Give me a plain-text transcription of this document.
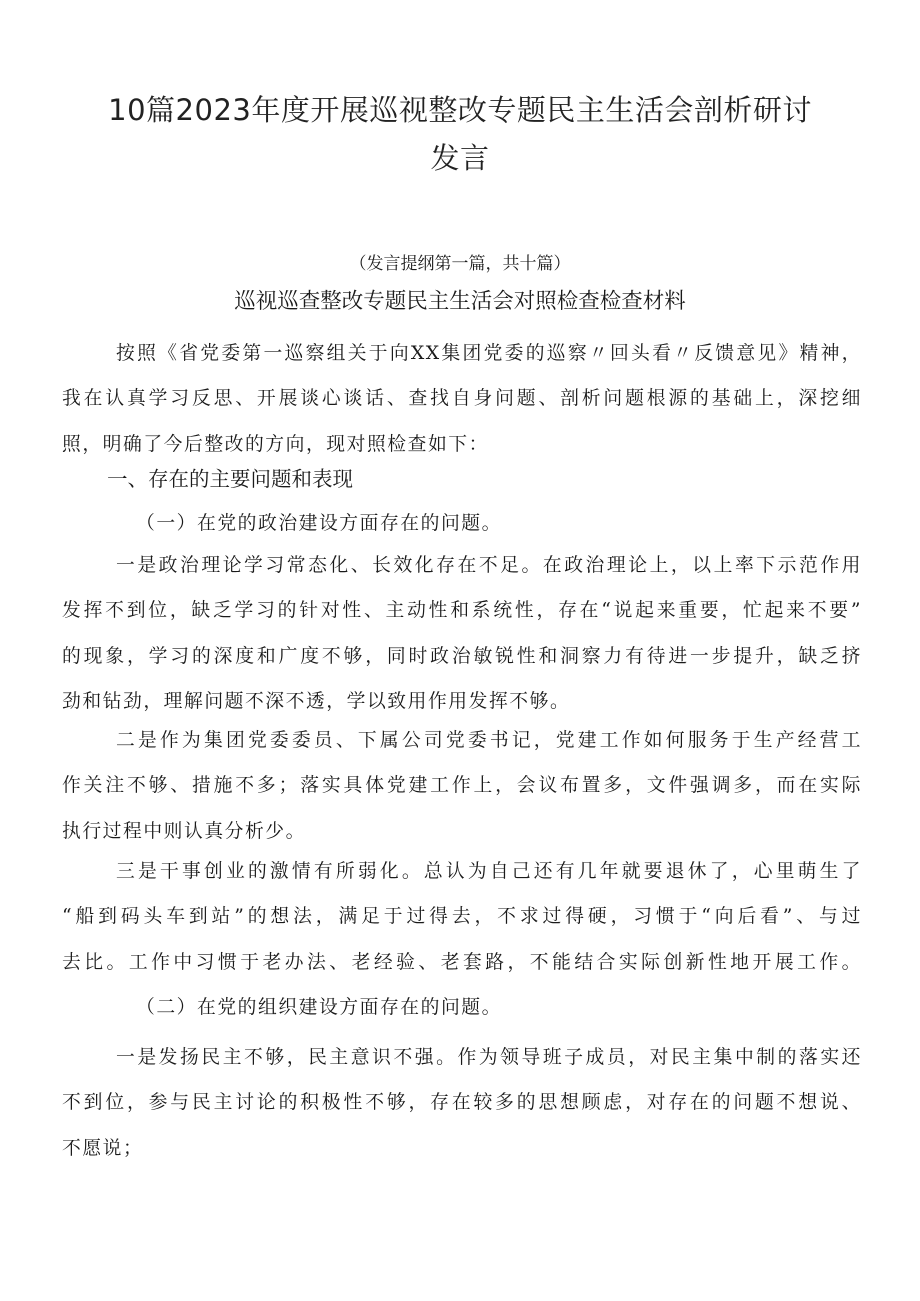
10篇2023年度开展巡视整改专题民主生活会剖析研讨
发言
（发言提纲第一篇，共十篇）
巡视巡查整改专题民主生活会对照检查检查材料
按照《省党委第一巡察组关于向XX集团党委的巡察〃回头看〃反馈意见》精神，
我在认真学习反思、开展谈心谈话、查找自身问题、剖析问题根源的基础上，深挖细
照，明确了今后整改的方向，现对照检查如下：
一、存在的主要问题和表现
（一）在党的政治建设方面存在的问题。
一是政治理论学习常态化、长效化存在不足。在政治理论上，以上率下示范作用
发挥不到位，缺乏学习的针对性、主动性和系统性，存在“说起来重要，忙起来不要”
的现象，学习的深度和广度不够，同时政治敏锐性和洞察力有待进一步提升，缺乏挤
劲和钻劲，理解问题不深不透，学以致用作用发挥不够。
二是作为集团党委委员、下属公司党委书记，党建工作如何服务于生产经营工
作关注不够、措施不多；落实具体党建工作上，会议布置多，文件强调多，而在实际
执行过程中则认真分析少。
三是干事创业的激情有所弱化。总认为自己还有几年就要退休了，心里萌生了
“船到码头车到站”的想法，满足于过得去，不求过得硬，习惯于“向后看”、与过
去比。工作中习惯于老办法、老经验、老套路，不能结合实际创新性地开展工作。
（二）在党的组织建设方面存在的问题。
一是发扬民主不够，民主意识不强。作为领导班子成员，对民主集中制的落实还
不到位，参与民主讨论的积极性不够，存在较多的思想顾虑，对存在的问题不想说、
不愿说；
